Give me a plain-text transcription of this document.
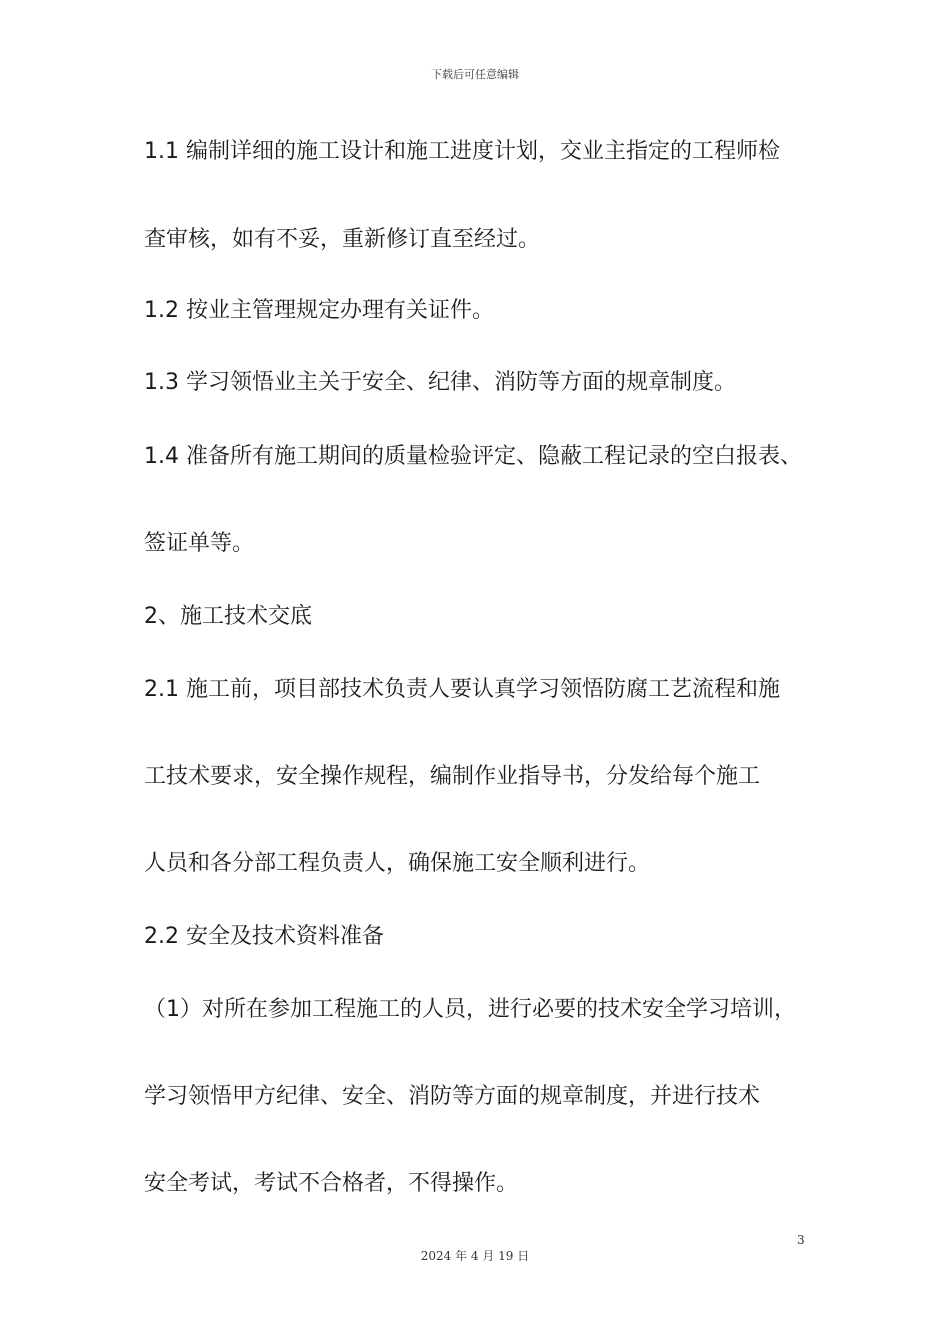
下载后可任意编辑
1.1 编制详细的施工设计和施工进度计划，交业主指定的工程师检
查审核，如有不妥，重新修订直至经过。
1.2 按业主管理规定办理有关证件。
1.3 学习领悟业主关于安全、纪律、消防等方面的规章制度。
1.4 准备所有施工期间的质量检验评定、隐蔽工程记录的空白报表、
签证单等。
2、施工技术交底
2.1 施工前，项目部技术负责人要认真学习领悟防腐工艺流程和施
工技术要求，安全操作规程，编制作业指导书，分发给每个施工
人员和各分部工程负责人，确保施工安全顺利进行。
2.2 安全及技术资料准备
（1）对所在参加工程施工的人员，进行必要的技术安全学习培训，
学习领悟甲方纪律、安全、消防等方面的规章制度，并进行技术
安全考试，考试不合格者，不得操作。
3
2024 年 4 月 19 日
